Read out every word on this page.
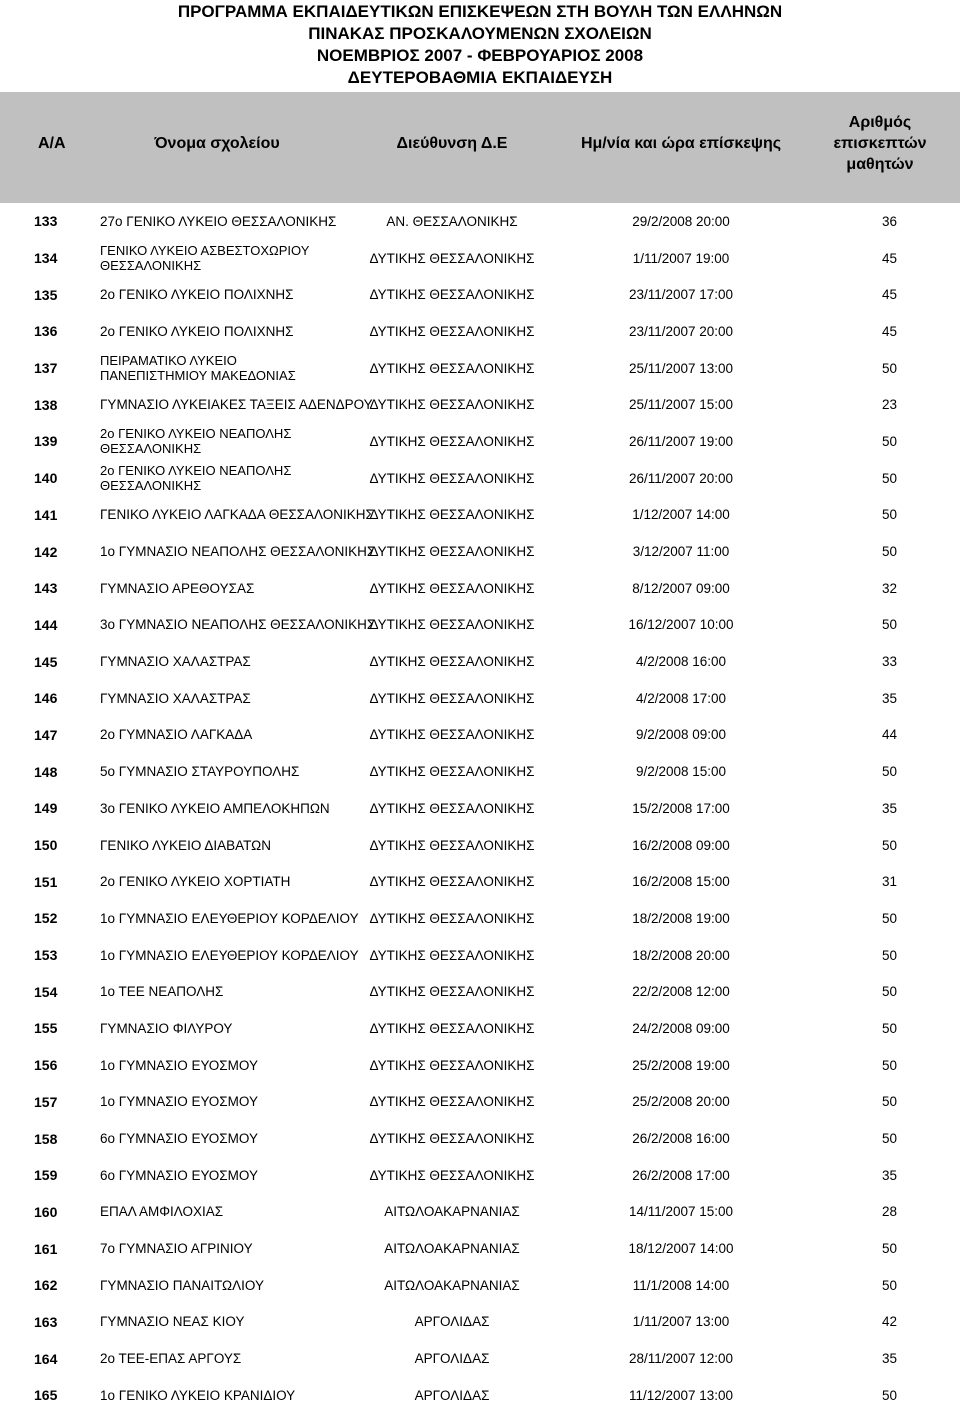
ΠΡΟΓΡΑΜΜΑ ΕΚΠΑΙΔΕΥΤΙΚΩΝ ΕΠΙΣΚΕΨΕΩΝ ΣΤΗ ΒΟΥΛΗ ΤΩΝ ΕΛΛΗΝΩΝ
ΠΙΝΑΚΑΣ ΠΡΟΣΚΑΛΟΥΜΕΝΩΝ ΣΧΟΛΕΙΩΝ
ΝΟΕΜΒΡΙΟΣ 2007 - ΦΕΒΡΟΥΑΡΙΟΣ 2008
ΔΕΥΤΕΡΟΒΑΘΜΙΑ ΕΚΠΑΙΔΕΥΣΗ
Α/Α	Όνομα σχολείου	Διεύθυνση Δ.Ε	Ημ/νία και ώρα επίσκεψης	Αριθμός επισκεπτών μαθητών

133	27ο ΓΕΝΙΚΟ ΛΥΚΕΙΟ ΘΕΣΣΑΛΟΝΙΚΗΣ	ΑΝ. ΘΕΣΣΑΛΟΝΙΚΗΣ	29/2/2008 20:00	36
134	ΓΕΝΙΚΟ ΛΥΚΕΙΟ ΑΣΒΕΣΤΟΧΩΡΙΟΥ ΘΕΣΣΑΛΟΝΙΚΗΣ	ΔΥΤΙΚΗΣ ΘΕΣΣΑΛΟΝΙΚΗΣ	1/11/2007 19:00	45
135	2ο ΓΕΝΙΚΟ ΛΥΚΕΙΟ ΠΟΛΙΧΝΗΣ	ΔΥΤΙΚΗΣ ΘΕΣΣΑΛΟΝΙΚΗΣ	23/11/2007 17:00	45
136	2ο ΓΕΝΙΚΟ ΛΥΚΕΙΟ ΠΟΛΙΧΝΗΣ	ΔΥΤΙΚΗΣ ΘΕΣΣΑΛΟΝΙΚΗΣ	23/11/2007 20:00	45
137	ΠΕΙΡΑΜΑΤΙΚΟ ΛΥΚΕΙΟ ΠΑΝΕΠΙΣΤΗΜΙΟΥ ΜΑΚΕΔΟΝΙΑΣ	ΔΥΤΙΚΗΣ ΘΕΣΣΑΛΟΝΙΚΗΣ	25/11/2007 13:00	50
138	ΓΥΜΝΑΣΙΟ ΛΥΚΕΙΑΚΕΣ ΤΑΞΕΙΣ ΑΔΕΝΔΡΟΥ	ΔΥΤΙΚΗΣ ΘΕΣΣΑΛΟΝΙΚΗΣ	25/11/2007 15:00	23
139	2ο ΓΕΝΙΚΟ ΛΥΚΕΙΟ ΝΕΑΠΟΛΗΣ ΘΕΣΣΑΛΟΝΙΚΗΣ	ΔΥΤΙΚΗΣ ΘΕΣΣΑΛΟΝΙΚΗΣ	26/11/2007 19:00	50
140	2ο ΓΕΝΙΚΟ ΛΥΚΕΙΟ ΝΕΑΠΟΛΗΣ ΘΕΣΣΑΛΟΝΙΚΗΣ	ΔΥΤΙΚΗΣ ΘΕΣΣΑΛΟΝΙΚΗΣ	26/11/2007 20:00	50
141	ΓΕΝΙΚΟ ΛΥΚΕΙΟ ΛΑΓΚΑΔΑ ΘΕΣΣΑΛΟΝΙΚΗΣ	ΔΥΤΙΚΗΣ ΘΕΣΣΑΛΟΝΙΚΗΣ	1/12/2007 14:00	50
142	1ο ΓΥΜΝΑΣΙΟ ΝΕΑΠΟΛΗΣ ΘΕΣΣΑΛΟΝΙΚΗΣ	ΔΥΤΙΚΗΣ ΘΕΣΣΑΛΟΝΙΚΗΣ	3/12/2007 11:00	50
143	ΓΥΜΝΑΣΙΟ ΑΡΕΘΟΥΣΑΣ	ΔΥΤΙΚΗΣ ΘΕΣΣΑΛΟΝΙΚΗΣ	8/12/2007 09:00	32
144	3ο ΓΥΜΝΑΣΙΟ ΝΕΑΠΟΛΗΣ ΘΕΣΣΑΛΟΝΙΚΗΣ	ΔΥΤΙΚΗΣ ΘΕΣΣΑΛΟΝΙΚΗΣ	16/12/2007 10:00	50
145	ΓΥΜΝΑΣΙΟ ΧΑΛΑΣΤΡΑΣ	ΔΥΤΙΚΗΣ ΘΕΣΣΑΛΟΝΙΚΗΣ	4/2/2008 16:00	33
146	ΓΥΜΝΑΣΙΟ ΧΑΛΑΣΤΡΑΣ	ΔΥΤΙΚΗΣ ΘΕΣΣΑΛΟΝΙΚΗΣ	4/2/2008 17:00	35
147	2ο ΓΥΜΝΑΣΙΟ ΛΑΓΚΑΔΑ	ΔΥΤΙΚΗΣ ΘΕΣΣΑΛΟΝΙΚΗΣ	9/2/2008 09:00	44
148	5ο ΓΥΜΝΑΣΙΟ ΣΤΑΥΡΟΥΠΟΛΗΣ	ΔΥΤΙΚΗΣ ΘΕΣΣΑΛΟΝΙΚΗΣ	9/2/2008 15:00	50
149	3ο ΓΕΝΙΚΟ ΛΥΚΕΙΟ ΑΜΠΕΛΟΚΗΠΩΝ	ΔΥΤΙΚΗΣ ΘΕΣΣΑΛΟΝΙΚΗΣ	15/2/2008 17:00	35
150	ΓΕΝΙΚΟ ΛΥΚΕΙΟ ΔΙΑΒΑΤΩΝ	ΔΥΤΙΚΗΣ ΘΕΣΣΑΛΟΝΙΚΗΣ	16/2/2008 09:00	50
151	2ο ΓΕΝΙΚΟ ΛΥΚΕΙΟ ΧΟΡΤΙΑΤΗ	ΔΥΤΙΚΗΣ ΘΕΣΣΑΛΟΝΙΚΗΣ	16/2/2008 15:00	31
152	1ο ΓΥΜΝΑΣΙΟ ΕΛΕΥΘΕΡΙΟΥ ΚΟΡΔΕΛΙΟΥ	ΔΥΤΙΚΗΣ ΘΕΣΣΑΛΟΝΙΚΗΣ	18/2/2008 19:00	50
153	1ο ΓΥΜΝΑΣΙΟ ΕΛΕΥΘΕΡΙΟΥ ΚΟΡΔΕΛΙΟΥ	ΔΥΤΙΚΗΣ ΘΕΣΣΑΛΟΝΙΚΗΣ	18/2/2008 20:00	50
154	1ο ΤΕΕ ΝΕΑΠΟΛΗΣ	ΔΥΤΙΚΗΣ ΘΕΣΣΑΛΟΝΙΚΗΣ	22/2/2008 12:00	50
155	ΓΥΜΝΑΣΙΟ ΦΙΛΥΡΟΥ	ΔΥΤΙΚΗΣ ΘΕΣΣΑΛΟΝΙΚΗΣ	24/2/2008 09:00	50
156	1ο ΓΥΜΝΑΣΙΟ ΕΥΟΣΜΟΥ	ΔΥΤΙΚΗΣ ΘΕΣΣΑΛΟΝΙΚΗΣ	25/2/2008 19:00	50
157	1ο ΓΥΜΝΑΣΙΟ ΕΥΟΣΜΟΥ	ΔΥΤΙΚΗΣ ΘΕΣΣΑΛΟΝΙΚΗΣ	25/2/2008 20:00	50
158	6ο ΓΥΜΝΑΣΙΟ ΕΥΟΣΜΟΥ	ΔΥΤΙΚΗΣ ΘΕΣΣΑΛΟΝΙΚΗΣ	26/2/2008 16:00	50
159	6ο ΓΥΜΝΑΣΙΟ ΕΥΟΣΜΟΥ	ΔΥΤΙΚΗΣ ΘΕΣΣΑΛΟΝΙΚΗΣ	26/2/2008 17:00	35
160	ΕΠΑΛ ΑΜΦΙΛΟΧΙΑΣ	ΑΙΤΩΛΟΑΚΑΡΝΑΝΙΑΣ	14/11/2007 15:00	28
161	7ο ΓΥΜΝΑΣΙΟ ΑΓΡΙΝΙΟΥ	ΑΙΤΩΛΟΑΚΑΡΝΑΝΙΑΣ	18/12/2007 14:00	50
162	ΓΥΜΝΑΣΙΟ ΠΑΝΑΙΤΩΛΙΟΥ	ΑΙΤΩΛΟΑΚΑΡΝΑΝΙΑΣ	11/1/2008 14:00	50
163	ΓΥΜΝΑΣΙΟ ΝΕΑΣ ΚΙΟΥ	ΑΡΓΟΛΙΔΑΣ	1/11/2007 13:00	42
164	2ο ΤΕΕ-ΕΠΑΣ ΑΡΓΟΥΣ	ΑΡΓΟΛΙΔΑΣ	28/11/2007 12:00	35
165	1ο ΓΕΝΙΚΟ ΛΥΚΕΙΟ ΚΡΑΝΙΔΙΟΥ	ΑΡΓΟΛΙΔΑΣ	11/12/2007 13:00	50
